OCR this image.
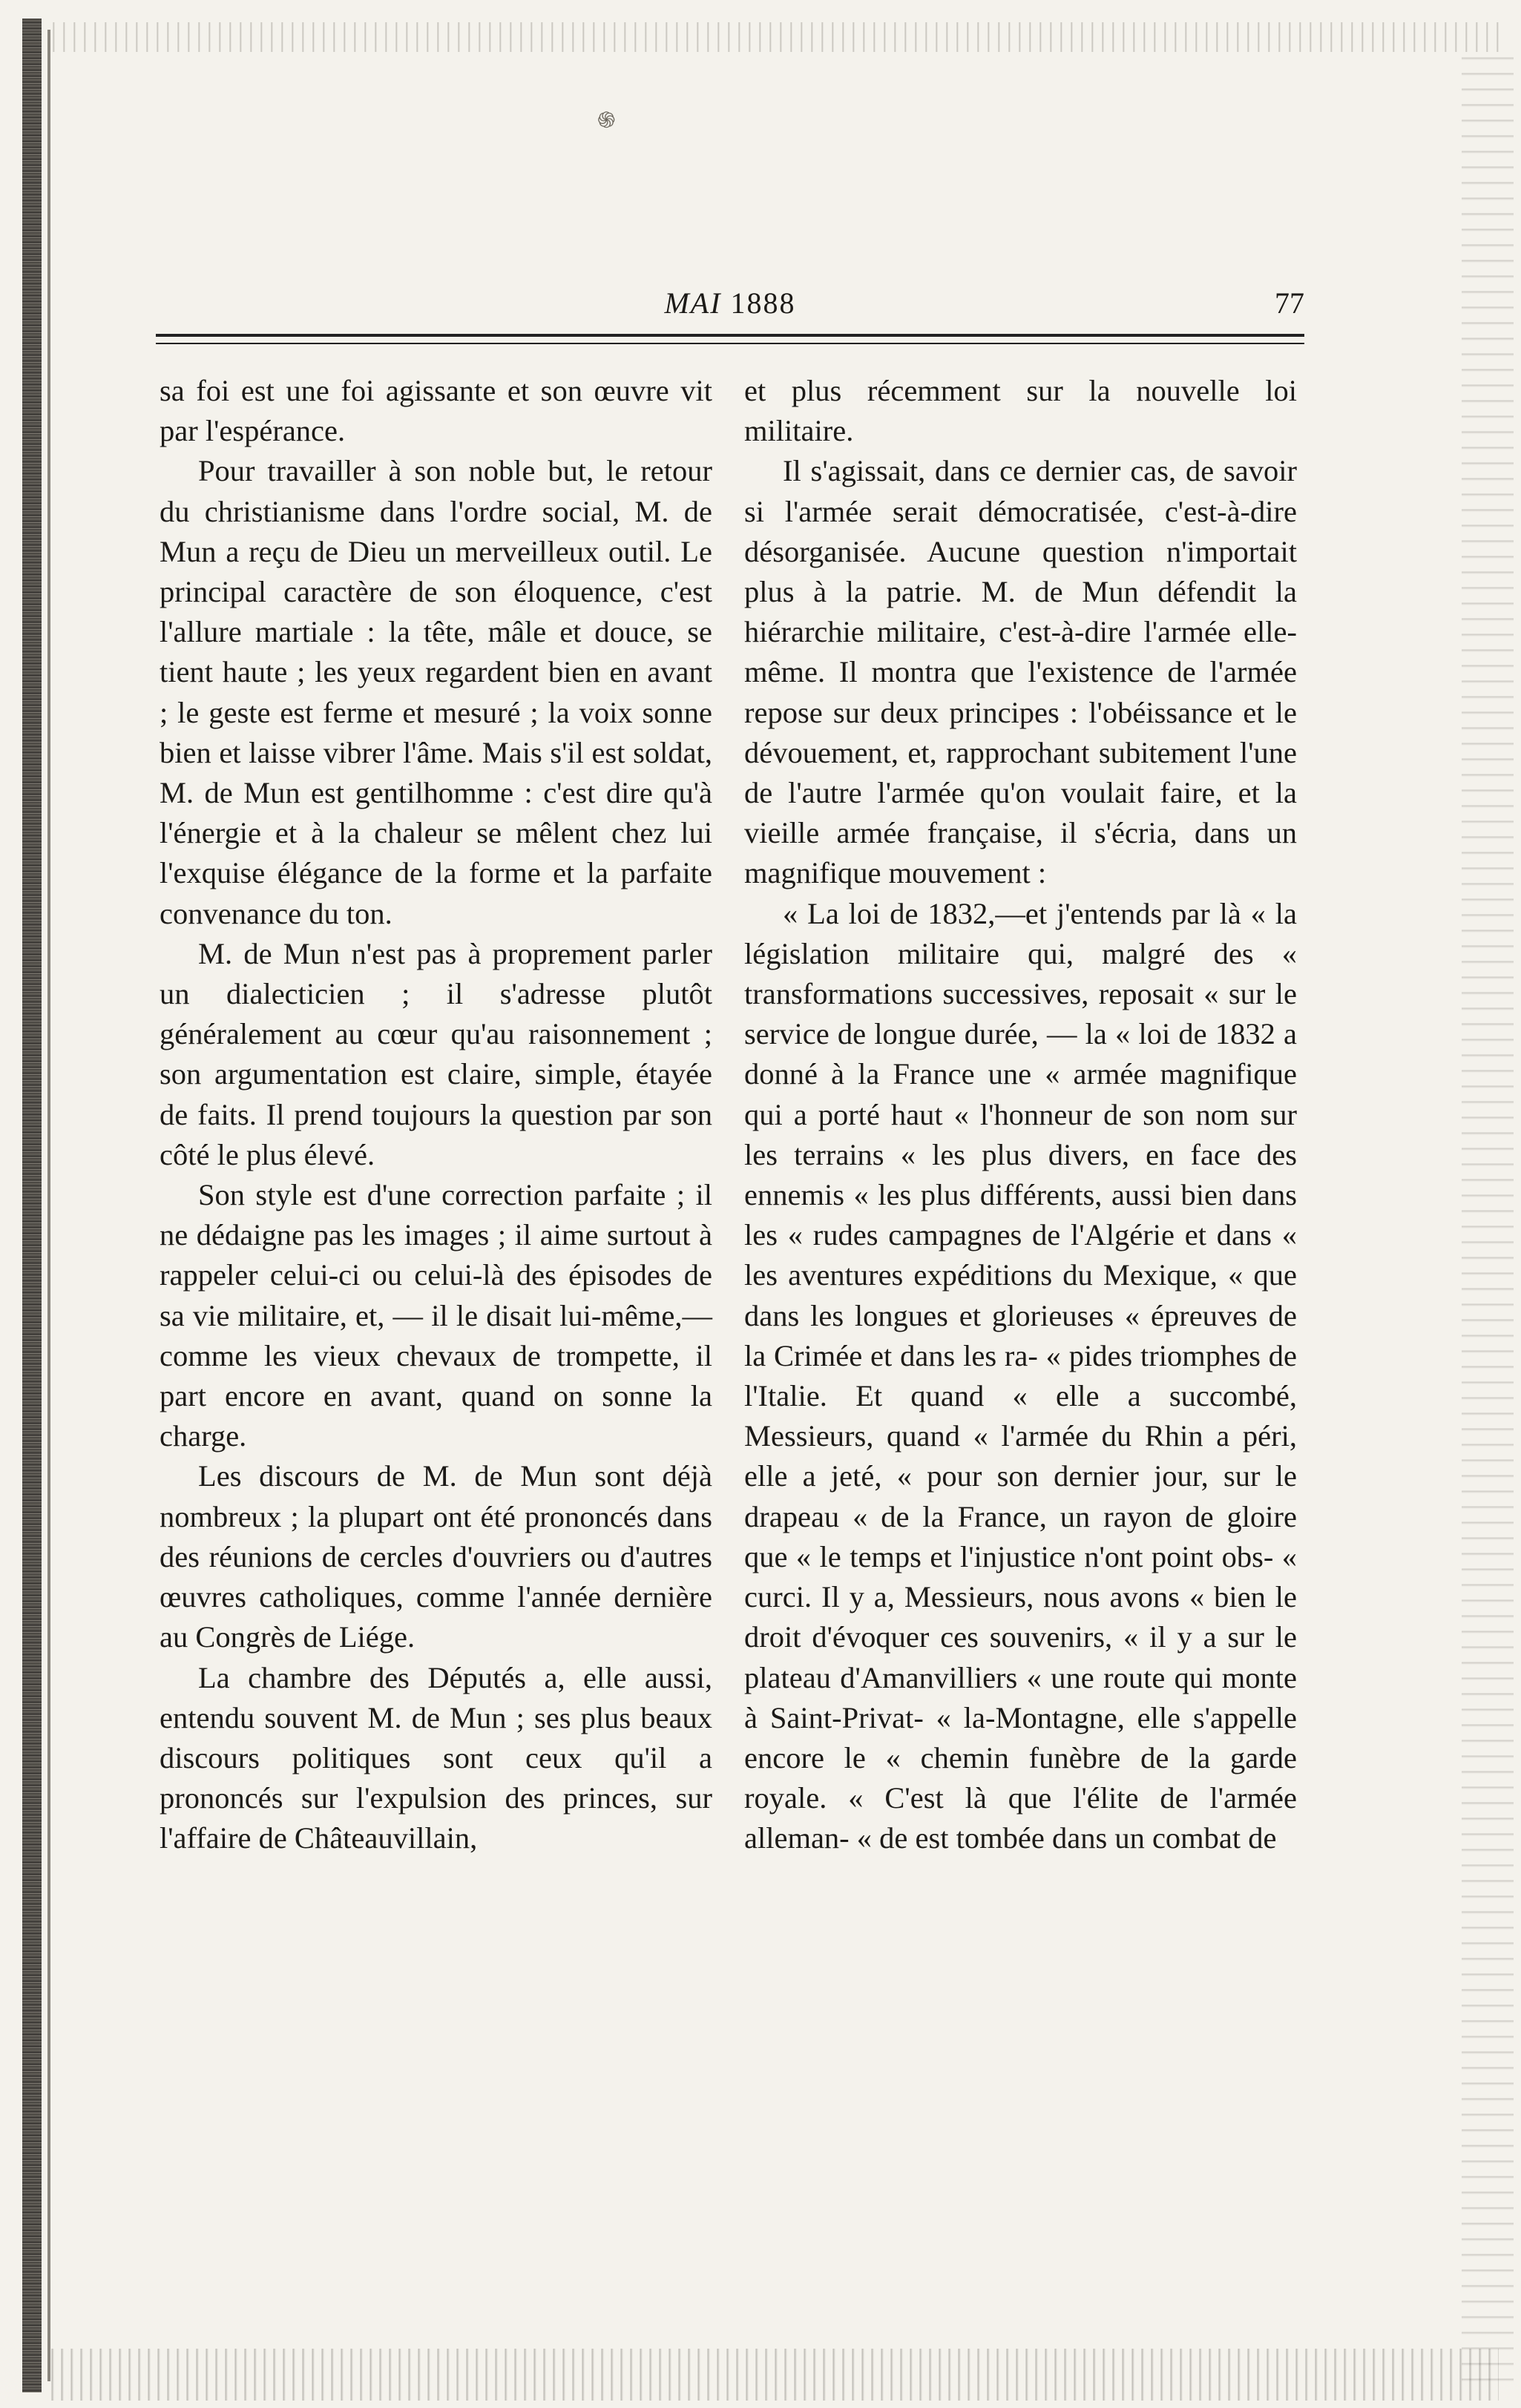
֍
MAI 1888	77

sa foi est une foi agissante et son œuvre vit par l'espérance.

Pour travailler à son noble but, le retour du christianisme dans l'ordre social, M. de Mun a reçu de Dieu un merveilleux outil. Le principal caractère de son éloquence, c'est l'allure martiale : la tête, mâle et douce, se tient haute ; les yeux regardent bien en avant ; le geste est ferme et mesuré ; la voix sonne bien et laisse vibrer l'âme. Mais s'il est soldat, M. de Mun est gentilhomme : c'est dire qu'à l'énergie et à la chaleur se mêlent chez lui l'exquise élégance de la forme et la parfaite convenance du ton.

M. de Mun n'est pas à proprement parler un dialecticien ; il s'adresse plutôt généralement au cœur qu'au raisonnement ; son argumentation est claire, simple, étayée de faits. Il prend toujours la question par son côté le plus élevé.

Son style est d'une correction parfaite ; il ne dédaigne pas les images ; il aime surtout à rappeler celui-ci ou celui-là des épisodes de sa vie militaire, et, — il le disait lui-même,— comme les vieux chevaux de trompette, il part encore en avant, quand on sonne la charge.

Les discours de M. de Mun sont déjà nombreux ; la plupart ont été prononcés dans des réunions de cercles d'ouvriers ou d'autres œuvres catholiques, comme l'année dernière au Congrès de Liége.

La chambre des Députés a, elle aussi, entendu souvent M. de Mun ; ses plus beaux discours politiques sont ceux qu'il a prononcés sur l'expulsion des princes, sur l'affaire de Châteauvillain,

et plus récemment sur la nouvelle loi militaire.

Il s'agissait, dans ce dernier cas, de savoir si l'armée serait démocratisée, c'est-à-dire désorganisée. Aucune question n'importait plus à la patrie. M. de Mun défendit la hiérarchie militaire, c'est-à-dire l'armée elle-même. Il montra que l'existence de l'armée repose sur deux principes : l'obéissance et le dévouement, et, rapprochant subitement l'une de l'autre l'armée qu'on voulait faire, et la vieille armée française, il s'écria, dans un magnifique mouvement :

« La loi de 1832,—et j'entends par là « la législation militaire qui, malgré des « transformations successives, reposait « sur le service de longue durée, — la « loi de 1832 a donné à la France une « armée magnifique qui a porté haut « l'honneur de son nom sur les terrains « les plus divers, en face des ennemis « les plus différents, aussi bien dans les « rudes campagnes de l'Algérie et dans « les aventures expéditions du Mexique, « que dans les longues et glorieuses « épreuves de la Crimée et dans les ra- « pides triomphes de l'Italie. Et quand « elle a succombé, Messieurs, quand « l'armée du Rhin a péri, elle a jeté, « pour son dernier jour, sur le drapeau « de la France, un rayon de gloire que « le temps et l'injustice n'ont point obs- « curci. Il y a, Messieurs, nous avons « bien le droit d'évoquer ces souvenirs, « il y a sur le plateau d'Amanvilliers « une route qui monte à Saint-Privat- « la-Montagne, elle s'appelle encore le « chemin funèbre de la garde royale. « C'est là que l'élite de l'armée alleman- « de est tombée dans un combat de
